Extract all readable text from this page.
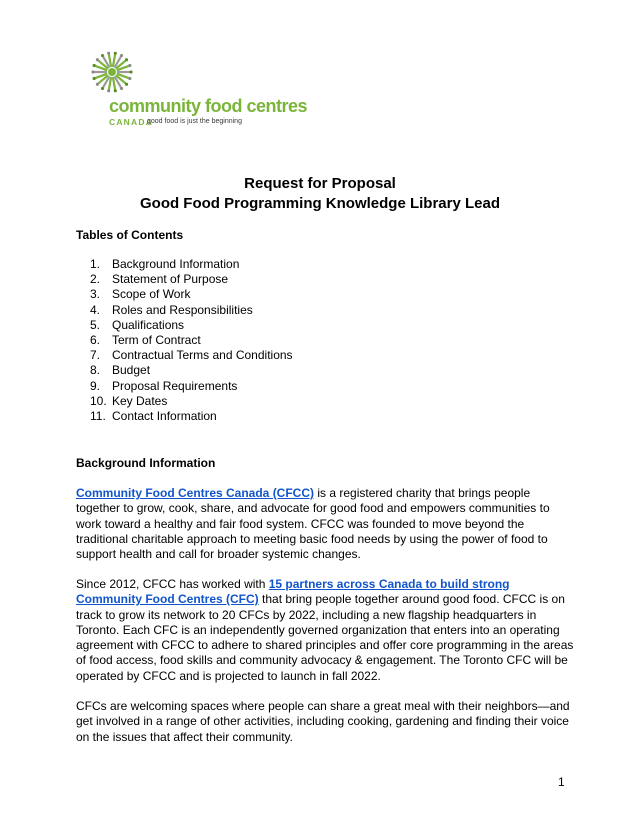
community food centres
CANADA
good food is just the beginning
Request for Proposal
Good Food Programming Knowledge Library Lead
Tables of Contents
1. Background Information
2. Statement of Purpose
3. Scope of Work
4. Roles and Responsibilities
5. Qualifications
6. Term of Contract
7. Contractual Terms and Conditions
8. Budget
9. Proposal Requirements
10. Key Dates
11. Contact Information
Background Information

Community Food Centres Canada (CFCC) is a registered charity that brings people together to grow, cook, share, and advocate for good food and empowers communities to work toward a healthy and fair food system. CFCC was founded to move beyond the traditional charitable approach to meeting basic food needs by using the power of food to support health and call for broader systemic changes.

Since 2012, CFCC has worked with 15 partners across Canada to build strong Community Food Centres (CFC) that bring people together around good food. CFCC is on track to grow its network to 20 CFCs by 2022, including a new flagship headquarters in Toronto. Each CFC is an independently governed organization that enters into an operating agreement with CFCC to adhere to shared principles and offer core programming in the areas of food access, food skills and community advocacy & engagement. The Toronto CFC will be operated by CFCC and is projected to launch in fall 2022.

CFCs are welcoming spaces where people can share a great meal with their neighbors—and get involved in a range of other activities, including cooking, gardening and finding their voice on the issues that affect their community.

1
